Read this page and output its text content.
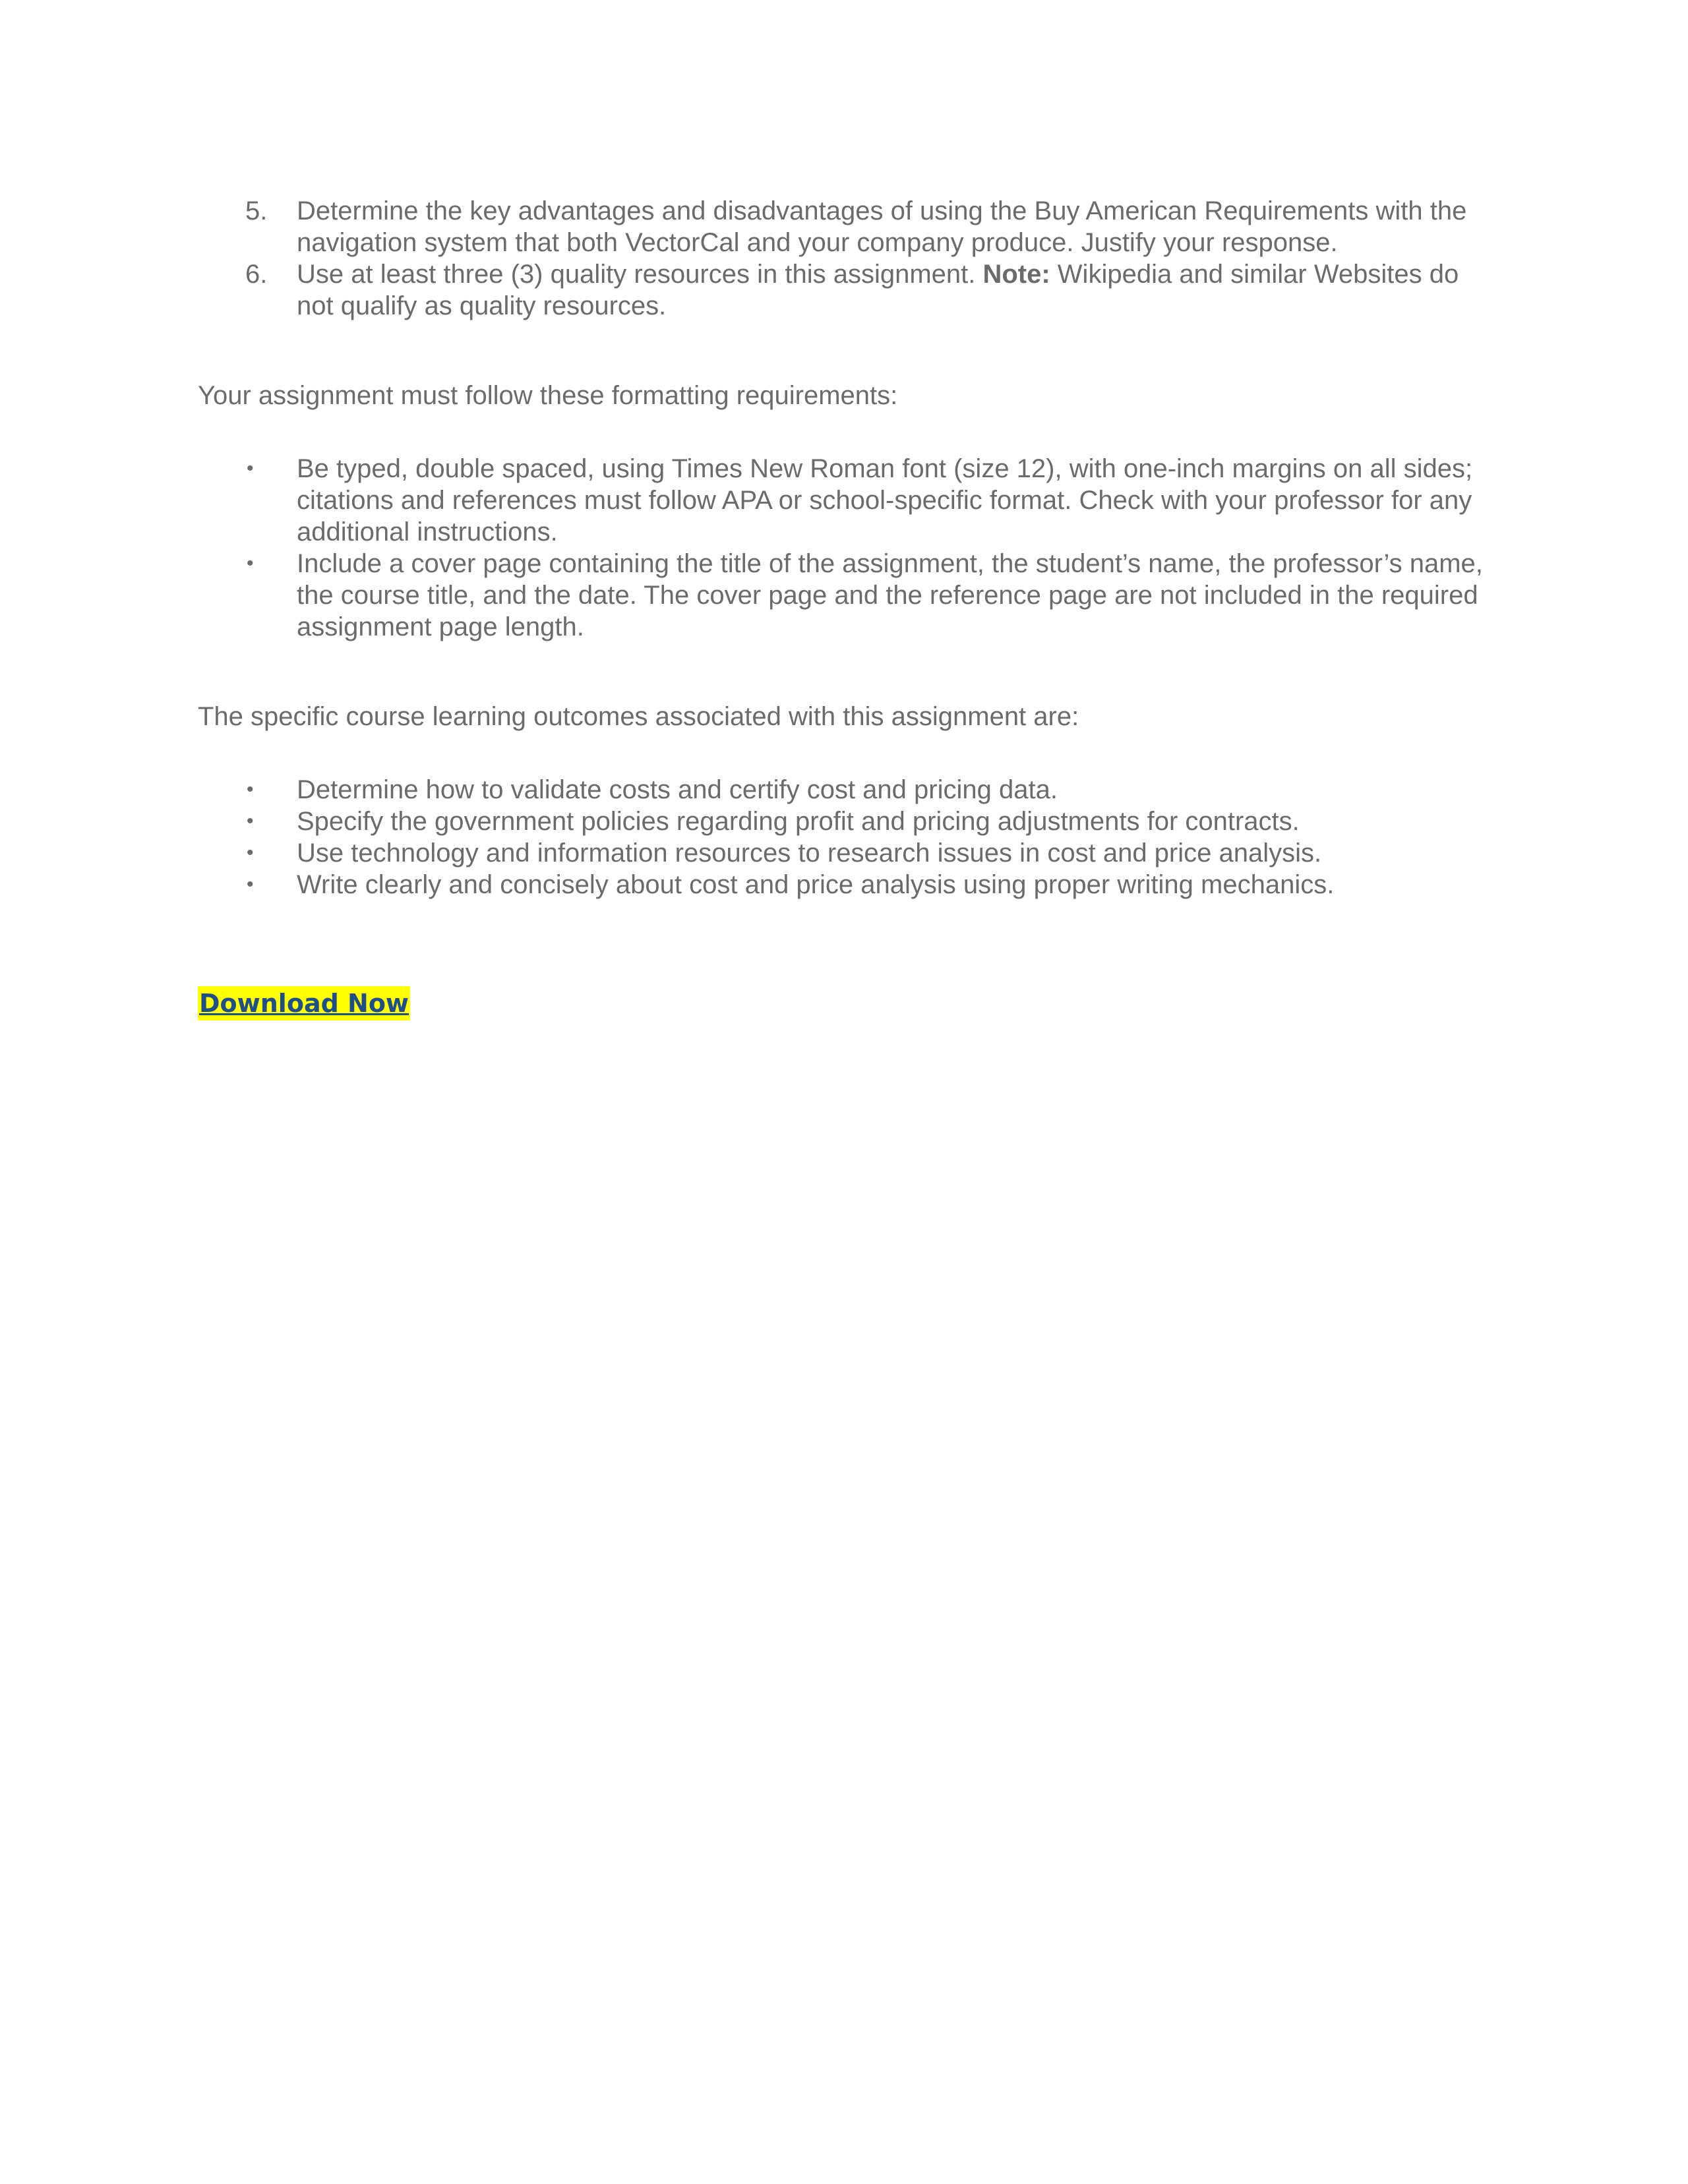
5. Determine the key advantages and disadvantages of using the Buy American Requirements with the navigation system that both VectorCal and your company produce. Justify your response.
6. Use at least three (3) quality resources in this assignment. Note: Wikipedia and similar Websites do not qualify as quality resources.

Your assignment must follow these formatting requirements:

• Be typed, double spaced, using Times New Roman font (size 12), with one-inch margins on all sides; citations and references must follow APA or school-specific format. Check with your professor for any additional instructions.
• Include a cover page containing the title of the assignment, the student’s name, the professor’s name, the course title, and the date. The cover page and the reference page are not included in the required assignment page length.

The specific course learning outcomes associated with this assignment are:

• Determine how to validate costs and certify cost and pricing data.
• Specify the government policies regarding profit and pricing adjustments for contracts.
• Use technology and information resources to research issues in cost and price analysis.
• Write clearly and concisely about cost and price analysis using proper writing mechanics.
Download Now
